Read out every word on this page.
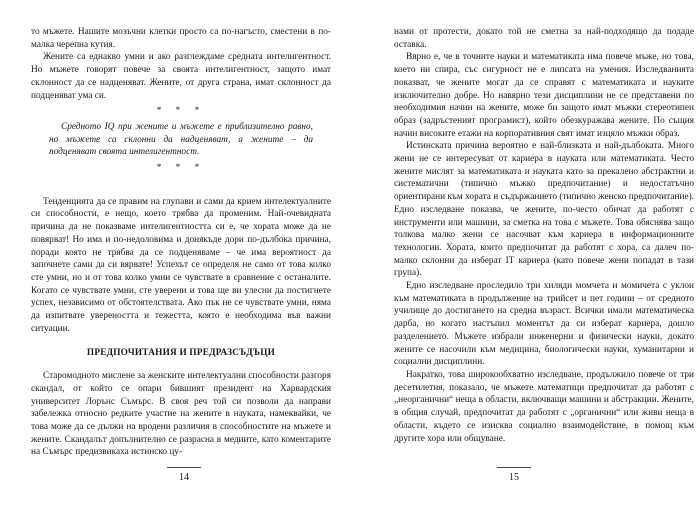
то мъжете. Нашите мозъчни клетки просто са по-нагъсто, сместени в по-малка черепна кутия.

Жените са еднакво умни и ако разглеждаме средната интелигентност. Но мъжете говорят повече за своята интелигентност, защото имат склонност да се надценяват. Жените, от друга страна, имат склонност да подценяват ума си.

* * *

Средното IQ при жените и мъжете е приблизително равно, но мъжете са склонни да надценяват, а жените – да подценяват своята интелигентност.

* * *

Тенденцията да се правим на глупави и сами да крием интелектуалните си способности, е нещо, което трябва да променим. Най-очевидната причина да не показваме интелигентността си е, че хората може да не повярват! Но има и по-недоловима и донякъде дори по-дълбока причина, поради която не трябва да се подценяваме – че има вероятност да започнете сами да си вярвате! Успехът се определя не само от това колко сте умни, но и от това колко умни се чувствате в сравнение с останалите. Когато се чувствате умни, сте уверени и това ще ви улесни да постигнете успех, независимо от обстоятелствата. Ако пък не се чувствате умни, няма да изпитвате увереността и тежестта, която е необходима във важни ситуации.

ПРЕДПОЧИТАНИЯ И ПРЕДРАЗСЪДЪЦИ

Старомодното мислене за женските интелектуални способности разгоря скандал, от който се опари бившият президент на Харвардския университет Лорънс Съмърс. В своя реч той си позволи да направи забележка относно редките участие на жените в науката, намеквайки, че това може да се дължи на вродени различия в способностите на мъжете и жените. Скандалът допълнително се разрасна в медиите, като коментарите на Съмърс предизвикаха истинско цу-

14

нами от протести, докато той не сметна за най-подходящо да подаде оставка.

Вярно е, че в точните науки и математиката има повече мъже, но това, което ни спира, със сигурност не е липсата на умения. Изследванията показват, че жените могат да се справят с математиката и науките изключително добре. Но навярно тези дисциплини не се представени по необходимия начин на жените, може би защото имат мъжки стереотипен образ (задръстеният програмист), който обезкуражава жените. По същия начин високите етажи на корпоративния свят имат изцяло мъжки образ.

Истинската причина вероятно е най-близката и най-дълбоката. Много жени не се интересуват от кариера в науката или математиката. Често жените мислят за математиката и науката като за прекалено абстрактни и систематични (типично мъжко предпочитание) и недостатъчно ориентирани към хората и съдържанието (типично женско предпочитание). Едно изследване показва, че жените, по-често обичат да работят с инструменти или машини, за сметка на това с мъжете. Това обяснява защо толкова малко жени се насочват към кариера в информационните технологии. Хората, които предпочитат да работят с хора, са далеч по-малко склонни да изберат IT кариера (като повече жени попадат в тази група).

Едно изследване проследило три хиляди момчета и момичета с уклон към математиката в продължение на трийсет и пет години – от средното училище до достигането на средна възраст. Всички имали математическа дарба, но когато настъпил моментът да си изберат кариера, дошло разделението. Мъжете избрали инженерни и физически науки, докато жените се насочили към медицина, биологически науки, хуманитарни и социални дисциплини.

Накратко, това широкообхватно изследване, продължило повече от три десетилетия, показало, че мъжете математици предпочитат да работят с „неорганични“ неща в области, включващи машини и абстракции. Жените, в общия случай, предпочитат да работят с „органични“ или живи неща в области, където се изисква социално взаимодействие, в помощ към другите хора или общуване.

15
